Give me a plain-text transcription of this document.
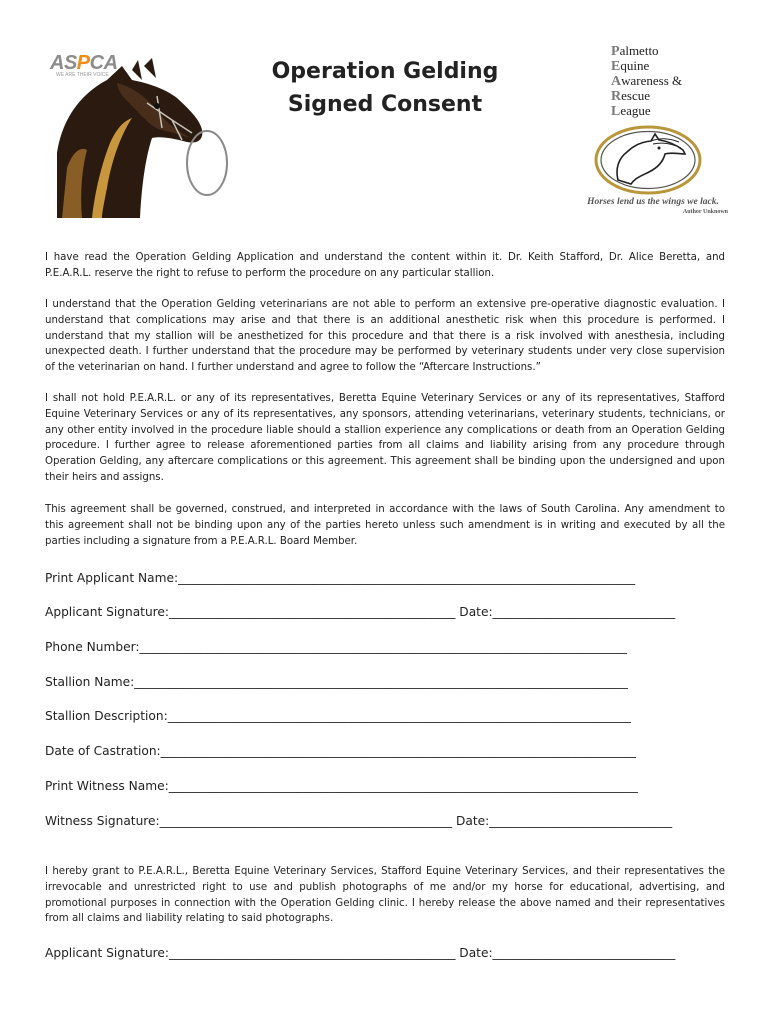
ASPCA
WE ARE THEIR VOICE	Operation Gelding
Signed Consent
Palmetto
Equine
Awareness &
Rescue
League
Horses lend us the wings we lack.
Author Unknown

I have read the Operation Gelding Application and understand the content within it. Dr. Keith Stafford, Dr. Alice Beretta, and P.E.A.R.L. reserve the right to refuse to perform the procedure on any particular stallion.

I understand that the Operation Gelding veterinarians are not able to perform an extensive pre-operative diagnostic evaluation. I understand that complications may arise and that there is an additional anesthetic risk when this procedure is performed. I understand that my stallion will be anesthetized for this procedure and that there is a risk involved with anesthesia, including unexpected death. I further understand that the procedure may be performed by veterinary students under very close supervision of the veterinarian on hand. I further understand and agree to follow the “Aftercare Instructions.”

I shall not hold P.E.A.R.L. or any of its representatives, Beretta Equine Veterinary Services or any of its representatives, Stafford Equine Veterinary Services or any of its representatives, any sponsors, attending veterinarians, veterinary students, technicians, or any other entity involved in the procedure liable should a stallion experience any complications or death from an Operation Gelding procedure. I further agree to release aforementioned parties from all claims and liability arising from any procedure through Operation Gelding, any aftercare complications or this agreement. This agreement shall be binding upon the undersigned and upon their heirs and assigns.

This agreement shall be governed, construed, and interpreted in accordance with the laws of South Carolina. Any amendment to this agreement shall not be binding upon any of the parties hereto unless such amendment is in writing and executed by all the parties including a signature from a P.E.A.R.L. Board Member.

Print Applicant Name:___________________________________________________________________________
Applicant Signature:_______________________________________________ Date:______________________________
Phone Number:________________________________________________________________________________
Stallion Name:_________________________________________________________________________________
Stallion Description:____________________________________________________________________________
Date of Castration:______________________________________________________________________________
Print Witness Name:_____________________________________________________________________________
Witness Signature:________________________________________________ Date:______________________________

I hereby grant to P.E.A.R.L., Beretta Equine Veterinary Services, Stafford Equine Veterinary Services, and their representatives the irrevocable and unrestricted right to use and publish photographs of me and/or my horse for educational, advertising, and promotional purposes in connection with the Operation Gelding clinic. I hereby release the above named and their representatives from all claims and liability relating to said photographs.

Applicant Signature:_______________________________________________ Date:______________________________
